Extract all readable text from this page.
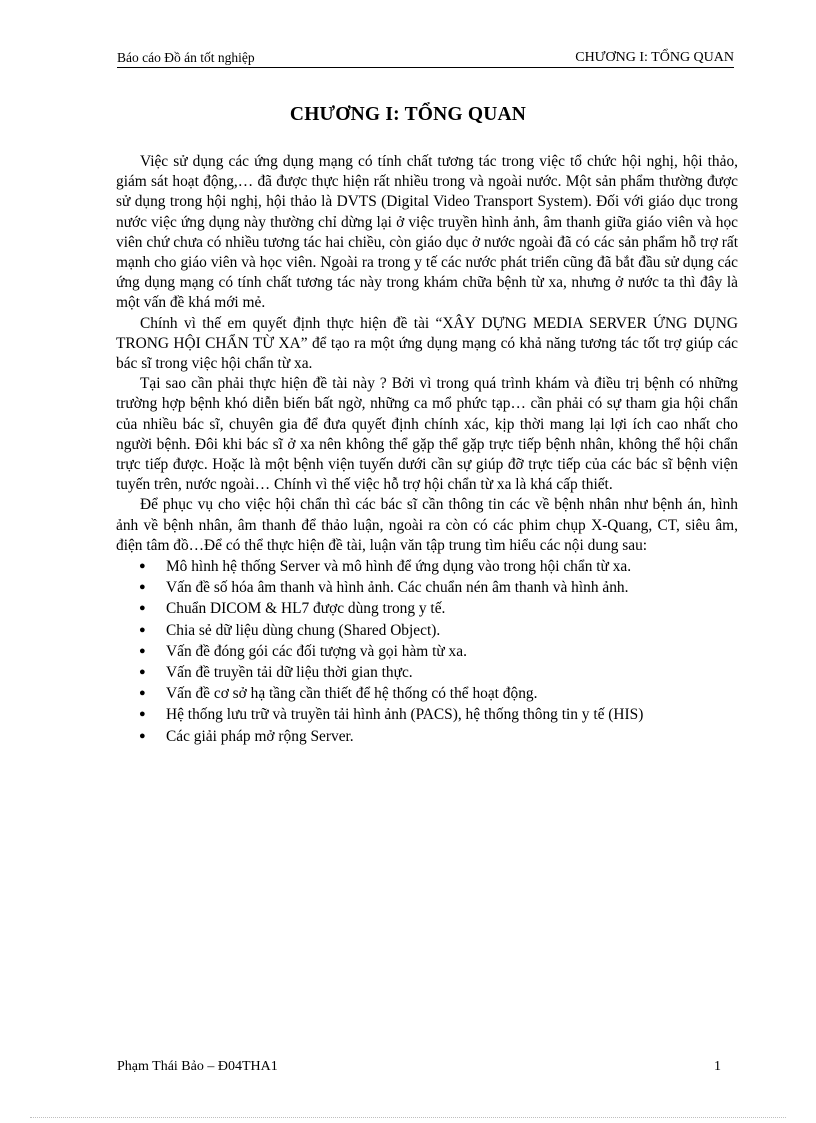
Báo cáo Đồ án tốt nghiệp	CHƯƠNG I: TỔNG QUAN
CHƯƠNG I: TỔNG QUAN

Việc sử dụng các ứng dụng mạng có tính chất tương tác trong việc tổ chức hội nghị, hội thảo, giám sát hoạt động,… đã được thực hiện rất nhiều trong và ngoài nước. Một sản phẩm thường được sử dụng trong hội nghị, hội thảo là DVTS (Digital Video Transport System). Đối với giáo dục trong nước việc ứng dụng này thường chỉ dừng lại ở việc truyền hình ảnh, âm thanh giữa giáo viên và học viên chứ chưa có nhiều tương tác hai chiều, còn giáo dục ở nước ngoài đã có các sản phẩm hỗ trợ rất mạnh cho giáo viên và học viên. Ngoài ra trong y tế các nước phát triển cũng đã bắt đầu sử dụng các ứng dụng mạng có tính chất tương tác này trong khám chữa bệnh từ xa, nhưng ở nước ta thì đây là một vấn đề khá mới mẻ.

Chính vì thế em quyết định thực hiện đề tài “XÂY DỰNG MEDIA SERVER ỨNG DỤNG TRONG HỘI CHẨN TỪ XA” để tạo ra một ứng dụng mạng có khả năng tương tác tốt trợ giúp các bác sĩ trong việc hội chẩn từ xa.

Tại sao cần phải thực hiện đề tài này ? Bởi vì trong quá trình khám và điều trị bệnh có những trường hợp bệnh khó diễn biến bất ngờ, những ca mổ phức tạp… cần phải có sự tham gia hội chẩn của nhiều bác sĩ, chuyên gia để đưa quyết định chính xác, kịp thời mang lại lợi ích cao nhất cho người bệnh. Đôi khi bác sĩ ở xa nên không thể gặp thể gặp trực tiếp bệnh nhân, không thể hội chẩn trực tiếp được. Hoặc là một bệnh viện tuyến dưới cần sự giúp đỡ trực tiếp của các bác sĩ bệnh viện tuyến trên, nước ngoài… Chính vì thế việc hỗ trợ hội chẩn từ xa là khá cấp thiết.

Để phục vụ cho việc hội chẩn thì các bác sĩ cần thông tin các về bệnh nhân như bệnh án, hình ảnh về bệnh nhân, âm thanh để thảo luận, ngoài ra còn có các phim chụp X-Quang, CT, siêu âm, điện tâm đồ…Để có thể thực hiện đề tài, luận văn tập trung tìm hiểu các nội dung sau:

● Mô hình hệ thống Server và mô hình để ứng dụng vào trong hội chẩn từ xa.
● Vấn đề số hóa âm thanh và hình ảnh. Các chuẩn nén âm thanh và hình ảnh.
● Chuẩn DICOM & HL7 được dùng trong y tế.
● Chia sẻ dữ liệu dùng chung (Shared Object).
● Vấn đề đóng gói các đối tượng và gọi hàm từ xa.
● Vấn đề truyền tải dữ liệu thời gian thực.
● Vấn đề cơ sở hạ tầng cần thiết để hệ thống có thể hoạt động.
● Hệ thống lưu trữ và truyền tải hình ảnh (PACS), hệ thống thông tin y tế (HIS)
● Các giải pháp mở rộng Server.
Phạm Thái Bảo – Đ04THA1	1
